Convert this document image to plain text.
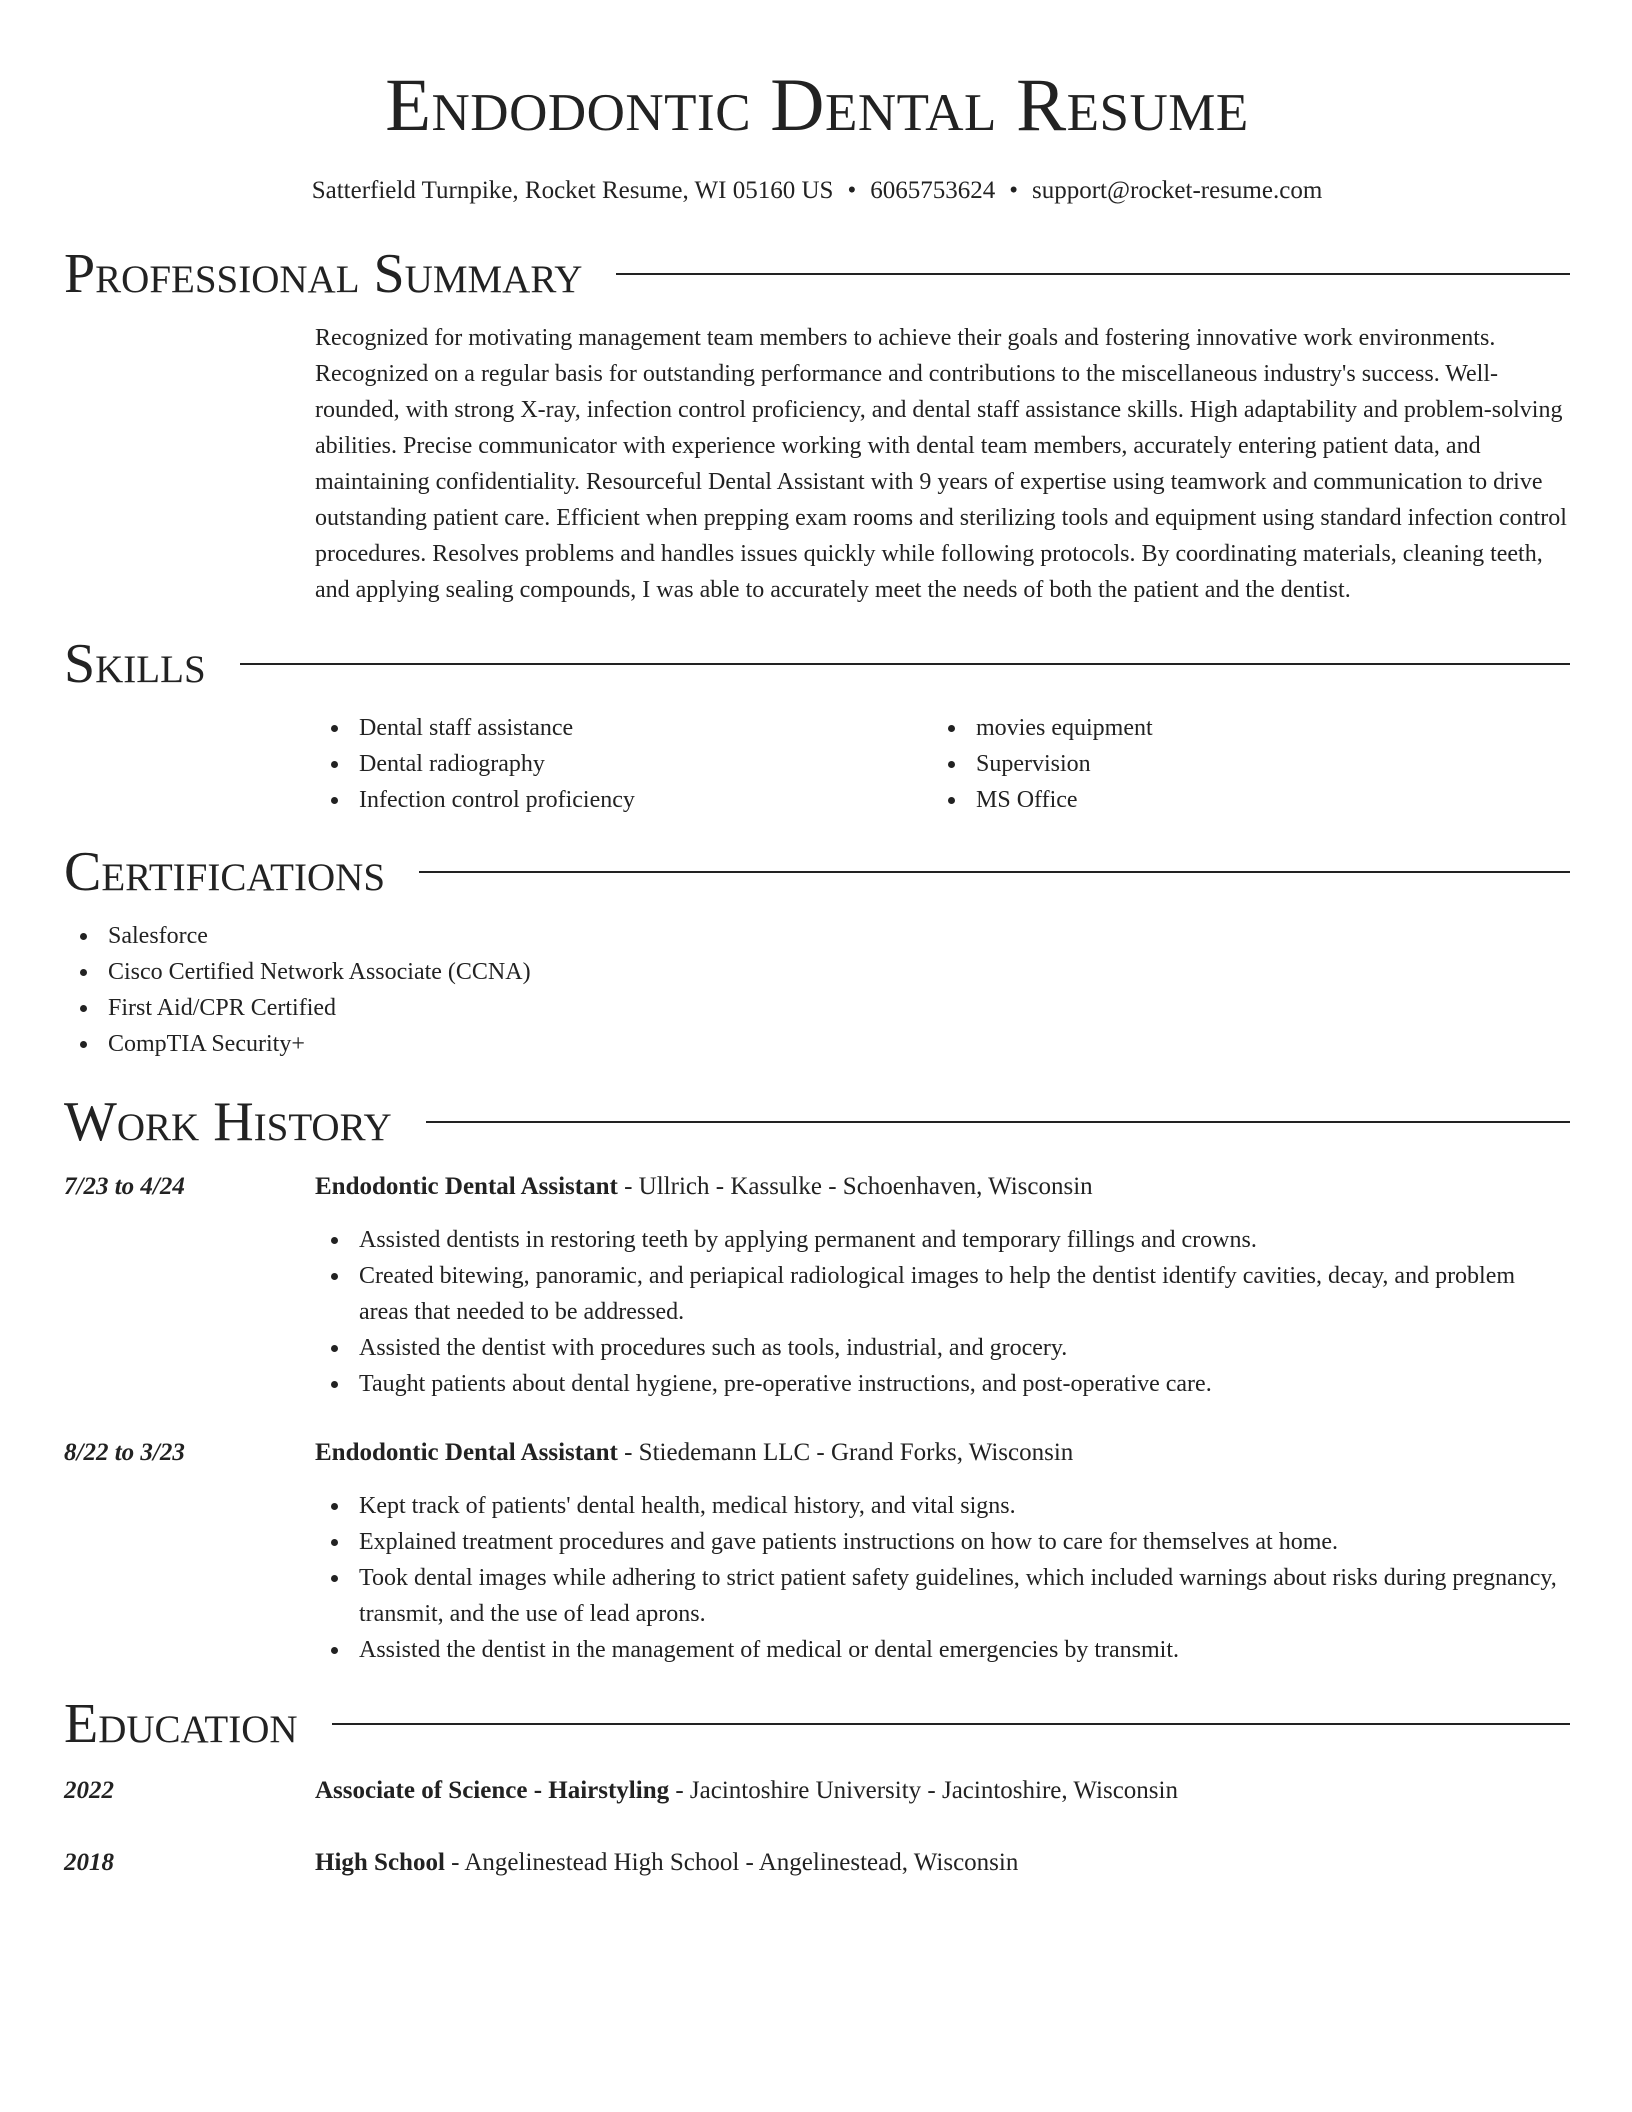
Endodontic Dental Resume
Satterfield Turnpike, Rocket Resume, WI 05160 US • 6065753624 • support@rocket-resume.com
Professional Summary
Recognized for motivating management team members to achieve their goals and fostering innovative work environments. Recognized on a regular basis for outstanding performance and contributions to the miscellaneous industry's success. Well-rounded, with strong X-ray, infection control proficiency, and dental staff assistance skills. High adaptability and problem-solving abilities. Precise communicator with experience working with dental team members, accurately entering patient data, and maintaining confidentiality. Resourceful Dental Assistant with 9 years of expertise using teamwork and communication to drive outstanding patient care. Efficient when prepping exam rooms and sterilizing tools and equipment using standard infection control procedures. Resolves problems and handles issues quickly while following protocols. By coordinating materials, cleaning teeth, and applying sealing compounds, I was able to accurately meet the needs of both the patient and the dentist.
Skills
Dental staff assistance
Dental radiography
Infection control proficiency
movies equipment
Supervision
MS Office
Certifications
Salesforce
Cisco Certified Network Associate (CCNA)
First Aid/CPR Certified
CompTIA Security+
Work History
7/23 to 4/24	Endodontic Dental Assistant - Ullrich - Kassulke - Schoenhaven, Wisconsin
Assisted dentists in restoring teeth by applying permanent and temporary fillings and crowns.
Created bitewing, panoramic, and periapical radiological images to help the dentist identify cavities, decay, and problem areas that needed to be addressed.
Assisted the dentist with procedures such as tools, industrial, and grocery.
Taught patients about dental hygiene, pre-operative instructions, and post-operative care.
8/22 to 3/23	Endodontic Dental Assistant - Stiedemann LLC - Grand Forks, Wisconsin
Kept track of patients' dental health, medical history, and vital signs.
Explained treatment procedures and gave patients instructions on how to care for themselves at home.
Took dental images while adhering to strict patient safety guidelines, which included warnings about risks during pregnancy, transmit, and the use of lead aprons.
Assisted the dentist in the management of medical or dental emergencies by transmit.
Education
2022	Associate of Science - Hairstyling - Jacintoshire University - Jacintoshire, Wisconsin
2018	High School - Angelinestead High School - Angelinestead, Wisconsin
